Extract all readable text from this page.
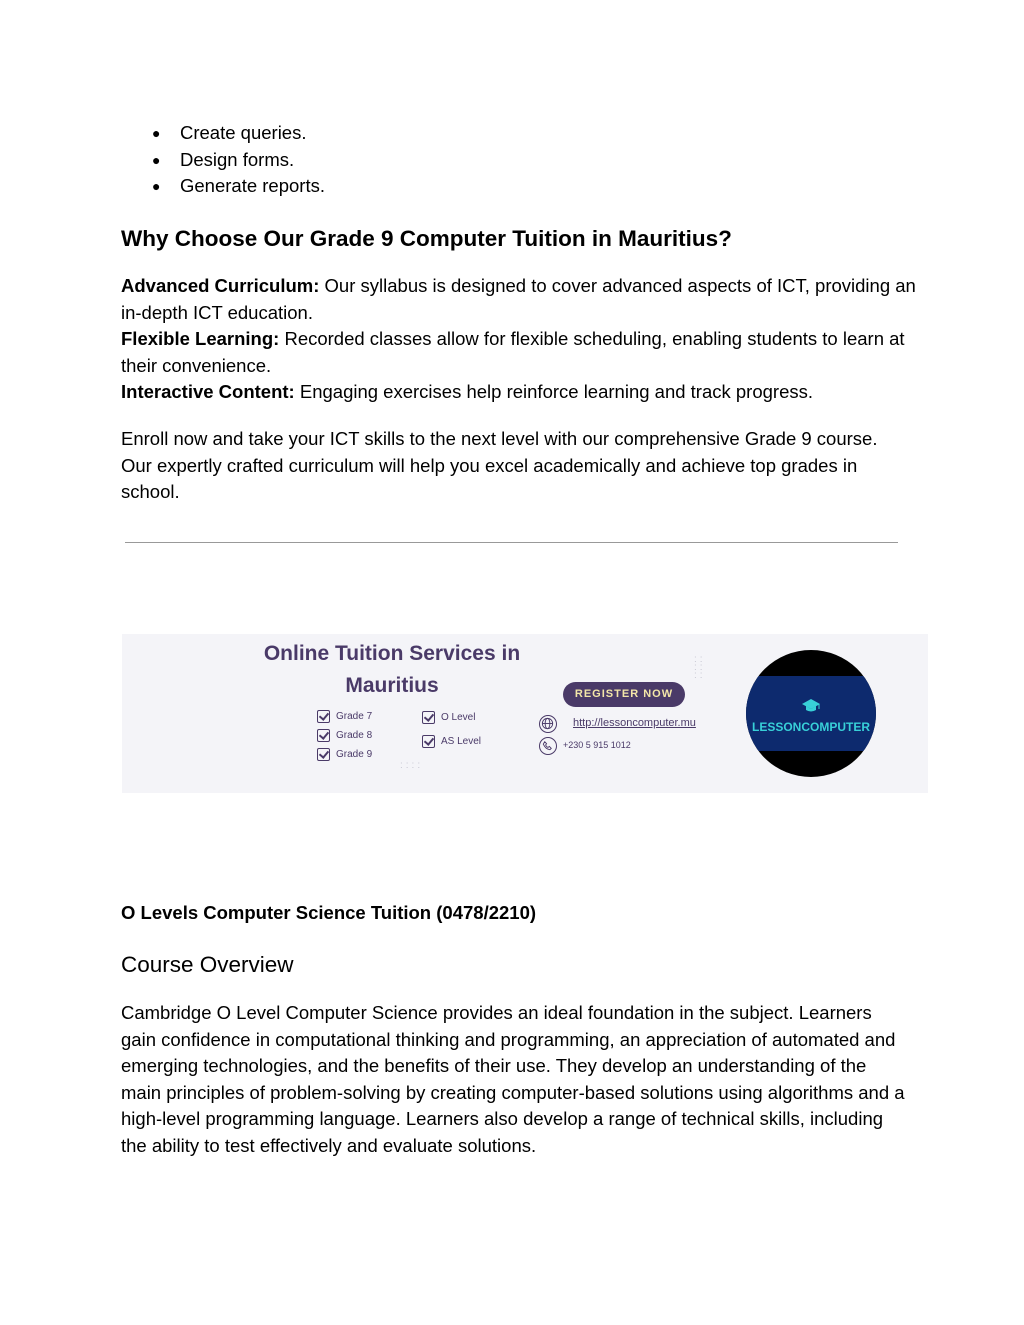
● Create queries.
● Design forms.
● Generate reports.
Why Choose Our Grade 9 Computer Tuition in Mauritius?

Advanced Curriculum: Our syllabus is designed to cover advanced aspects of ICT, providing an in-depth ICT education.
Flexible Learning: Recorded classes allow for flexible scheduling, enabling students to learn at their convenience.
Interactive Content: Engaging exercises help reinforce learning and track progress.

Enroll now and take your ICT skills to the next level with our comprehensive Grade 9 course. Our expertly crafted curriculum will help you excel academically and achieve top grades in school.

Online Tuition Services in
Mauritius
Grade 7
Grade 8
Grade 9
O Level
AS Level
::::
::
::
::
REGISTER NOW
http://lessoncomputer.mu
+230 5 915 1012
LESSONCOMPUTER
O Levels Computer Science Tuition (0478/2210)
Course Overview

Cambridge O Level Computer Science provides an ideal foundation in the subject. Learners gain confidence in computational thinking and programming, an appreciation of automated and emerging technologies, and the benefits of their use. They develop an understanding of the main principles of problem-solving by creating computer-based solutions using algorithms and a high-level programming language. Learners also develop a range of technical skills, including the ability to test effectively and evaluate solutions.
